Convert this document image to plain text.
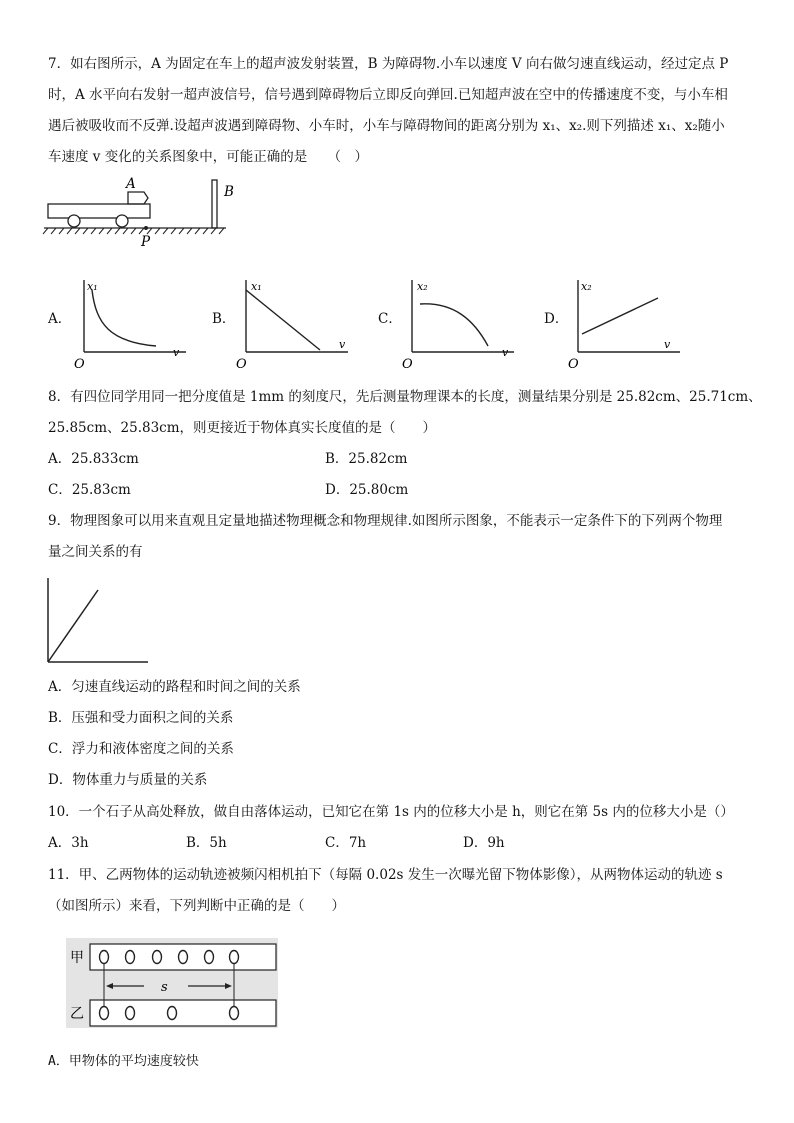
7．如右图所示，A 为固定在车上的超声波发射装置，B 为障碍物.小车以速度 V 向右做匀速直线运动，经过定点 P
时，A 水平向右发射一超声波信号，信号遇到障碍物后立即反向弹回.已知超声波在空中的传播速度不变，与小车相
遇后被吸收而不反弹.设超声波遇到障碍物、小车时，小车与障碍物间的距离分别为 x₁、x₂.则下列描述 x₁、x₂随小
车速度 v 变化的关系图象中，可能正确的是　　（　）
A	B
P
A．
x₁
v
O
B．
x₁
v
O
C．
x₂
v
O
D．
x₂
v
O
8．有四位同学用同一把分度值是 1mm 的刻度尺，先后测量物理课本的长度，测量结果分别是 25.82cm、25.71cm、
25.85cm、25.83cm，则更接近于物体真实长度值的是（　　）
A．25.833cm	B．25.82cm
C．25.83cm	D．25.80cm
9．物理图象可以用来直观且定量地描述物理概念和物理规律.如图所示图象，不能表示一定条件下的下列两个物理
量之间关系的有
A．匀速直线运动的路程和时间之间的关系
B．压强和受力面积之间的关系
C．浮力和液体密度之间的关系
D．物体重力与质量的关系
10．一个石子从高处释放，做自由落体运动，已知它在第 1s 内的位移大小是 h，则它在第 5s 内的位移大小是（）
A．3h	B．5h	C．7h	D．9h
11．甲、乙两物体的运动轨迹被频闪相机拍下（每隔 0.02s 发生一次曝光留下物体影像），从两物体运动的轨迹 s
（如图所示）来看，下列判断中正确的是（　　）
甲
乙
s
A．甲物体的平均速度较快
